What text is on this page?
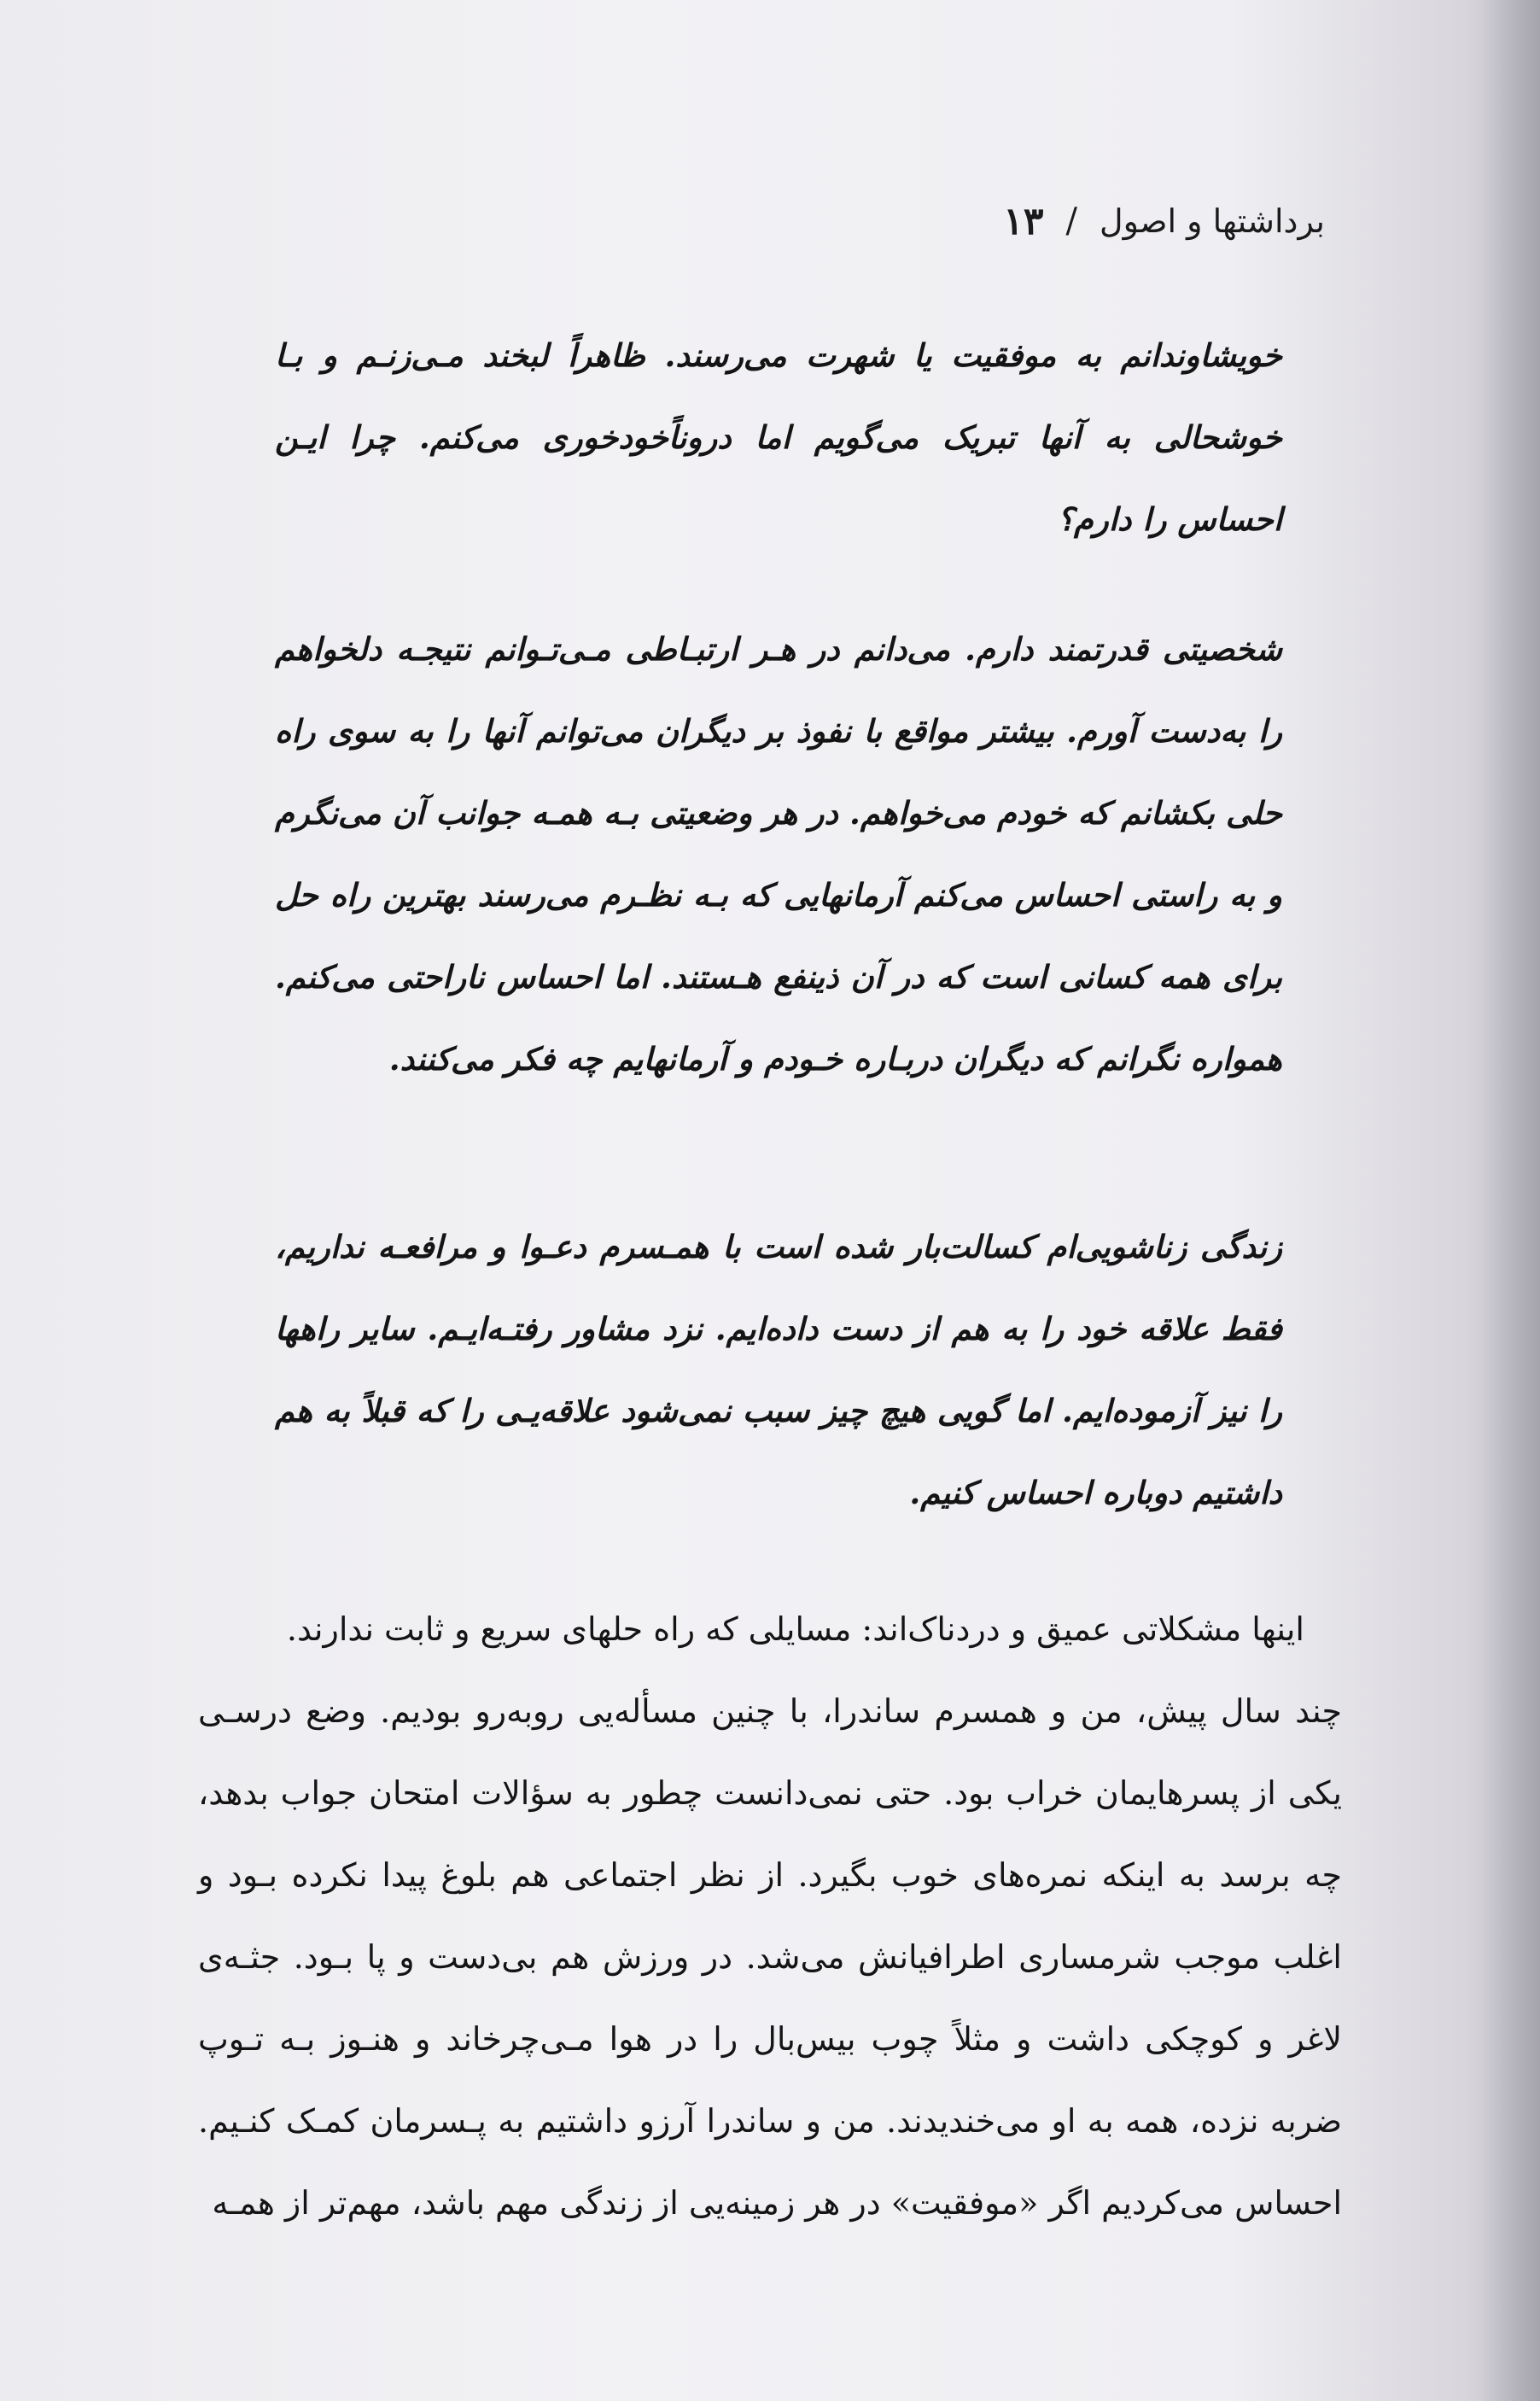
برداشتها و اصول
/
۱۳

خویشاوندانم به موفقیت یا شهرت می‌رسند. ظاهراً لبخند مـی‌زنـم و بـا خوشحالی به آنها تبریک می‌گویم اما دروناًخودخوری می‌کنم. چرا ایـن احساس را دارم؟

شخصیتی قدرتمند دارم. می‌دانم در هـر ارتبـاطی مـی‌تـوانم نتیجـه دلخواهم را به‌دست آورم. بیشتر مواقع با نفوذ بر دیگران می‌توانم آنها را به سوی راه حلی بکشانم که خودم می‌خواهم. در هر وضعیتی بـه همـه جوانب آن می‌نگرم و به راستی احساس می‌کنم آرمانهایی که بـه نظـرم می‌رسند بهترین راه حل برای همه کسانی است که در آن ذینفع هـستند. اما احساس ناراحتی می‌کنم. همواره نگرانم که دیگران دربـاره خـودم و آرمانهایم چه فکر می‌کنند.

زندگی زناشویی‌ام کسالت‌بار شده است با همـسرم دعـوا و مرافعـه نداریم، فقط علاقه خود را به هم از دست داده‌ایم. نزد مشاور رفتـه‌ایـم. سایر راهها را نیز آزموده‌ایم. اما گویی هیچ چیز سبب نمی‌شود علاقه‌یـی را که قبلاً به هم داشتیم دوباره احساس کنیم.

اینها مشکلاتی عمیق و دردناک‌اند: مسایلی که راه حلهای سریع و ثابت ندارند.

چند سال پیش، من و همسرم ساندرا، با چنین مسأله‌یی روبه‌رو بودیم. وضع درسـی یکی از پسرهایمان خراب بود. حتی نمی‌دانست چطور به سؤالات امتحان جواب بدهد، چه برسد به اینکه نمره‌های خوب بگیرد. از نظر اجتماعی هم بلوغ پیدا نکرده بـود و اغلب موجب شرمساری اطرافیانش می‌شد. در ورزش هم بی‌دست و پا بـود. جثـه‌ی لاغر و کوچکی داشت و مثلاً چوب بیس‌بال را در هوا مـی‌چرخاند و هنـوز بـه تـوپ ضربه نزده، همه به او می‌خندیدند. من و ساندرا آرزو داشتیم به پـسرمان کمـک کنـیم. احساس می‌کردیم اگر «موفقیت» در هر زمینه‌یی از زندگی مهم باشد، مهم‌تر از همـه
